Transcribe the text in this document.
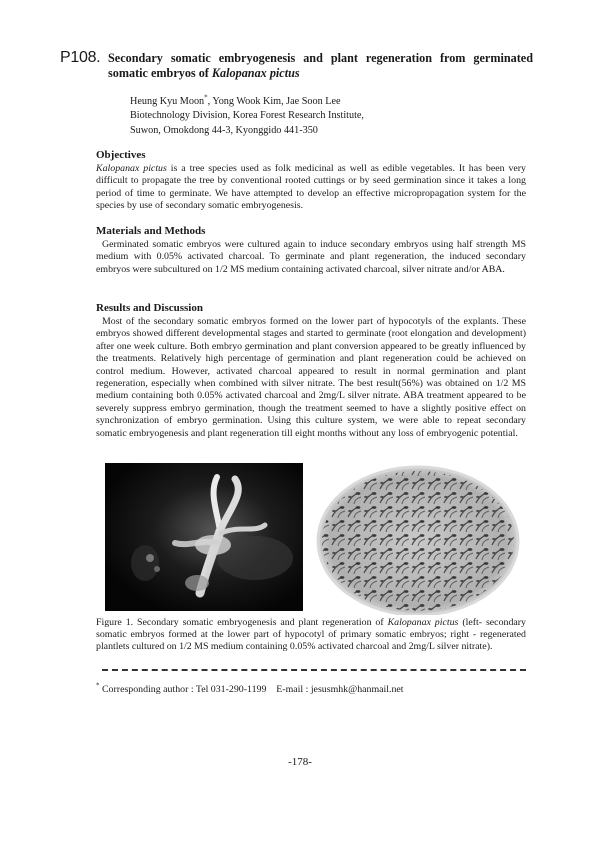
P108. Secondary somatic embryogenesis and plant regeneration from germinated
somatic embryos of Kalopanax pictus
Heung Kyu Moon*, Yong Wook Kim, Jae Soon Lee
Biotechnology Division, Korea Forest Research Institute,
Suwon, Omokdong 44-3, Kyonggido 441-350
Objectives
Kalopanax pictus is a tree species used as folk medicinal as well as edible vegetables. It has been very difficult to propagate the tree by conventional rooted cuttings or by seed germination since it takes a long period of time to germinate. We have attempted to develop an effective micropropagation system for the species by use of secondary somatic embryogenesis.
Materials and Methods
Germinated somatic embryos were cultured again to induce secondary embryos using half strength MS medium with 0.05% activated charcoal. To germinate and plant regeneration, the induced secondary embryos were subcultured on 1/2 MS medium containing activated charcoal, silver nitrate and/or ABA.
Results and Discussion
Most of the secondary somatic embryos formed on the lower part of hypocotyls of the explants. These embryos showed different developmental stages and started to germinate (root elongation and development) after one week culture. Both embryo germination and plant conversion appeared to be greatly influenced by the treatments. Relatively high percentage of germination and plant regeneration could be achieved on control medium. However, activated charcoal appeared to result in normal germination and plant regeneration, especially when combined with silver nitrate. The best result(56%) was obtained on 1/2 MS medium containing both 0.05% activated charcoal and 2mg/L silver nitrate. ABA treatment appeared to be severely suppress embryo germination, though the treatment seemed to have a slightly positive effect on synchronization of embryo germination. Using this culture system, we were able to repeat secondary somatic embryogenesis and plant regeneration till eight months without any loss of embryogenic potential.
Figure 1. Secondary somatic embryogenesis and plant regeneration of Kalopanax pictus (left- secondary somatic embryos formed at the lower part of hypocotyl of primary somatic embryos; right - regenerated plantlets cultured on 1/2 MS medium containing 0.05% activated charcoal and 2mg/L silver nitrate).
* Corresponding author : Tel 031-290-1199    E-mail : jesusmhk@hanmail.net
-178-
